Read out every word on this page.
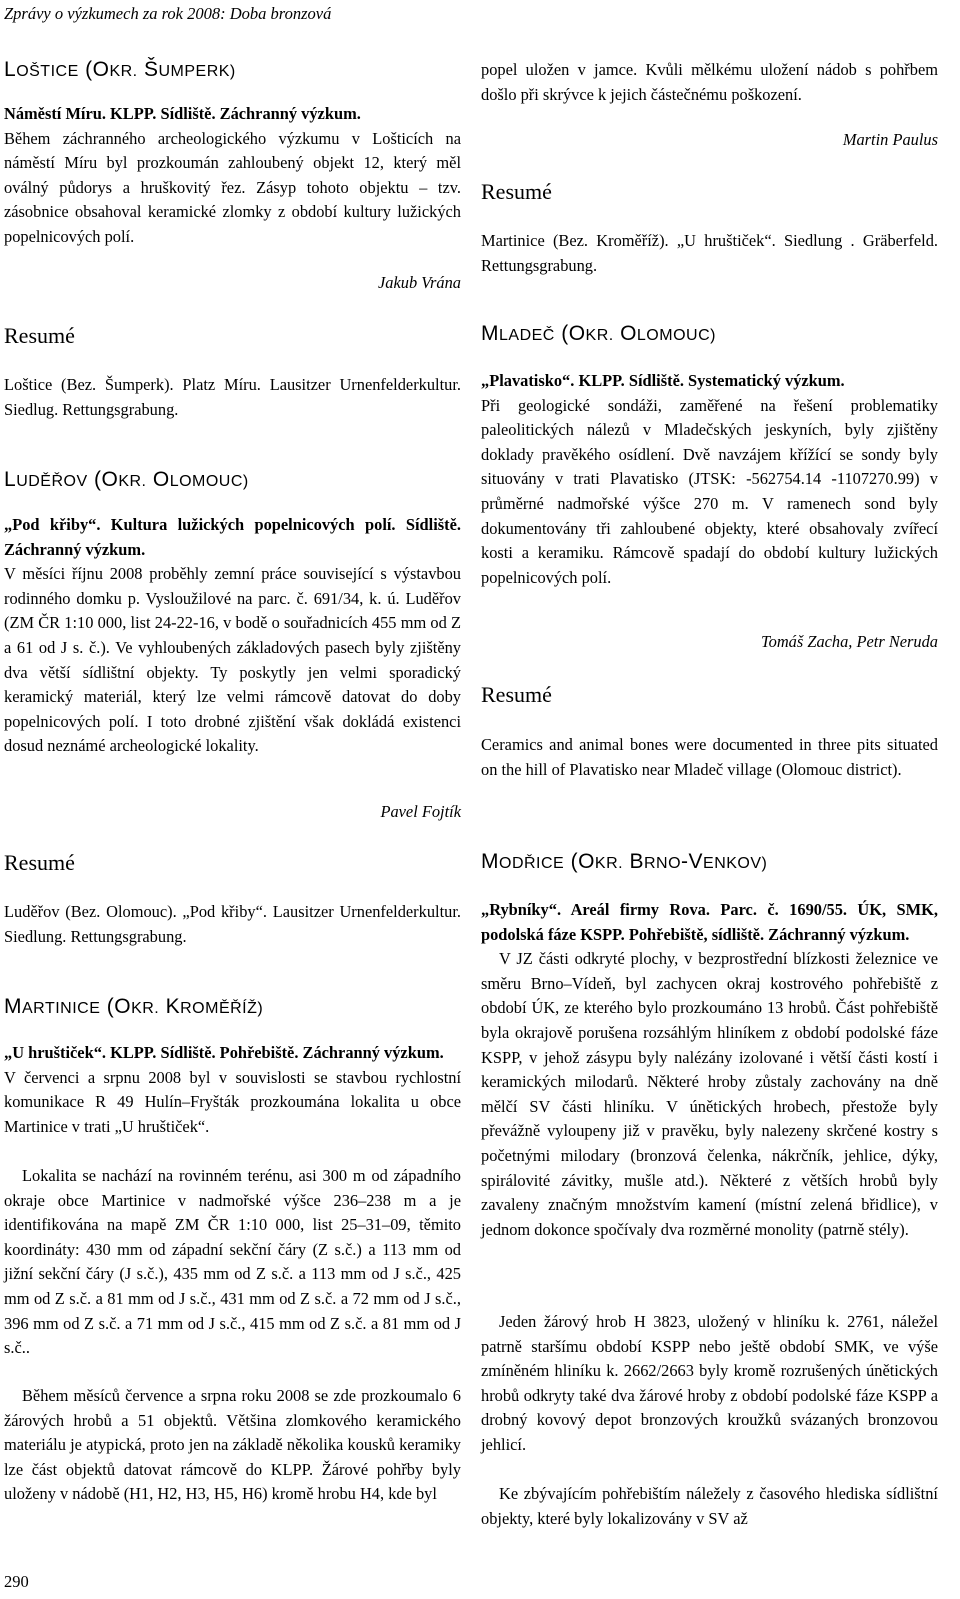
Zprávy o výzkumech za rok 2008: Doba bronzová
LOŠTICE (OKR. ŠUMPERK)

Náměstí Míru. KLPP. Sídliště. Záchranný výzkum.
Během záchranného archeologického výzkumu v Lošticích na náměstí Míru byl prozkoumán zahloubený objekt 12, který měl oválný půdorys a hruškovitý řez. Zásyp tohoto objektu – tzv. zásobnice obsahoval keramické zlomky z období kultury lužických popelnicových polí.

Jakub Vrána
Resumé

Loštice (Bez. Šumperk). Platz Míru. Lausitzer Urnenfelderkultur. Siedlug. Rettungsgrabung.

LUDĚŘOV (OKR. OLOMOUC)

„Pod křiby“. Kultura lužických popelnicových polí. Sídliště. Záchranný výzkum.
V měsíci říjnu 2008 proběhly zemní práce související s výstavbou rodinného domku p. Vysloužilové na parc. č. 691/34, k. ú. Luděřov (ZM ČR 1:10 000, list 24-22-16, v bodě o souřadnicích 455 mm od Z a 61 od J s. č.). Ve vyhloubených základových pasech byly zjištěny dva větší sídlištní objekty. Ty poskytly jen velmi sporadický keramický materiál, který lze velmi rámcově datovat do doby popelnicových polí. I toto drobné zjištění však dokládá existenci dosud neznámé archeologické lokality.

Pavel Fojtík
Resumé

Luděřov (Bez. Olomouc). „Pod křiby“. Lausitzer Urnenfelderkultur. Siedlung. Rettungsgrabung.

MARTINICE (OKR. KROMĚŘÍŽ)

„U hruštiček“. KLPP. Sídliště. Pohřebiště. Záchranný výzkum.
V červenci a srpnu 2008 byl v souvislosti se stavbou rychlostní komunikace R 49 Hulín–Fryšták prozkoumána lokalita u obce Martinice v trati „U hruštiček“.

Lokalita se nachází na rovinném terénu, asi 300 m od západního okraje obce Martinice v nadmořské výšce 236–238 m a je identifikována na mapě ZM ČR 1:10 000, list 25–31–09, těmito koordináty: 430 mm od západní sekční čáry (Z s.č.) a 113 mm od jižní sekční čáry (J s.č.), 435 mm od Z s.č. a 113 mm od J s.č., 425 mm od Z s.č. a 81 mm od J s.č., 431 mm od Z s.č. a 72 mm od J s.č., 396 mm od Z s.č. a 71 mm od J s.č., 415 mm od Z s.č. a 81 mm od J s.č..

Během měsíců července a srpna roku 2008 se zde prozkoumalo 6 žárových hrobů a 51 objektů. Většina zlomkového keramického materiálu je atypická, proto jen na základě několika kousků keramiky lze část objektů datovat rámcově do KLPP. Žárové pohřby byly uloženy v nádobě (H1, H2, H3, H5, H6) kromě hrobu H4, kde byl

popel uložen v jamce. Kvůli mělkému uložení nádob s pohřbem došlo při skrývce k jejich částečnému poškození.

Martin Paulus
Resumé

Martinice (Bez. Kroměříž). „U hruštiček“. Siedlung . Gräberfeld. Rettungsgrabung.

MLADEČ (OKR. OLOMOUC)

„Plavatisko“. KLPP. Sídliště. Systematický výzkum.
Při geologické sondáži, zaměřené na řešení problematiky paleolitických nálezů v Mladečských jeskyních, byly zjištěny doklady pravěkého osídlení. Dvě navzájem křížící se sondy byly situovány v trati Plavatisko (JTSK: -562754.14 -1107270.99) v průměrné nadmořské výšce 270 m. V ramenech sond byly dokumentovány tři zahloubené objekty, které obsahovaly zvířecí kosti a keramiku. Rámcově spadají do období kultury lužických popelnicových polí.

Tomáš Zacha, Petr Neruda
Resumé

Ceramics and animal bones were documented in three pits situated on the hill of Plavatisko near Mladeč village (Olomouc district).

MODŘICE (OKR. BRNO-VENKOV)

„Rybníky“. Areál firmy Rova. Parc. č. 1690/55. ÚK, SMK, podolská fáze KSPP. Pohřebiště, sídliště. Záchranný výzkum.
V JZ části odkryté plochy, v bezprostřední blízkosti železnice ve směru Brno–Vídeň, byl zachycen okraj kostrového pohřebiště z období ÚK, ze kterého bylo prozkoumáno 13 hrobů. Část pohřebiště byla okrajově porušena rozsáhlým hliníkem z období podolské fáze KSPP, v jehož zásypu byly nalézány izolované i větší části kostí i keramických milodarů. Některé hroby zůstaly zachovány na dně mělčí SV části hliníku. V únětických hrobech, přestože byly převážně vyloupeny již v pravěku, byly nalezeny skrčené kostry s početnými milodary (bronzová čelenka, nákrčník, jehlice, dýky, spirálovité závitky, mušle atd.). Některé z větších hrobů byly zavaleny značným množstvím kamení (místní zelená břidlice), v jednom dokonce spočívaly dva rozměrné monolity (patrně stély).

Jeden žárový hrob H 3823, uložený v hliníku k. 2761, náležel patrně staršímu období KSPP nebo ještě období SMK, ve výše zmíněném hliníku k. 2662/2663 byly kromě rozrušených únětických hrobů odkryty také dva žárové hroby z období podolské fáze KSPP a drobný kovový depot bronzových kroužků svázaných bronzovou jehlicí.

Ke zbývajícím pohřebištím náležely z časového hlediska sídlištní objekty, které byly lokalizovány v SV až

290
